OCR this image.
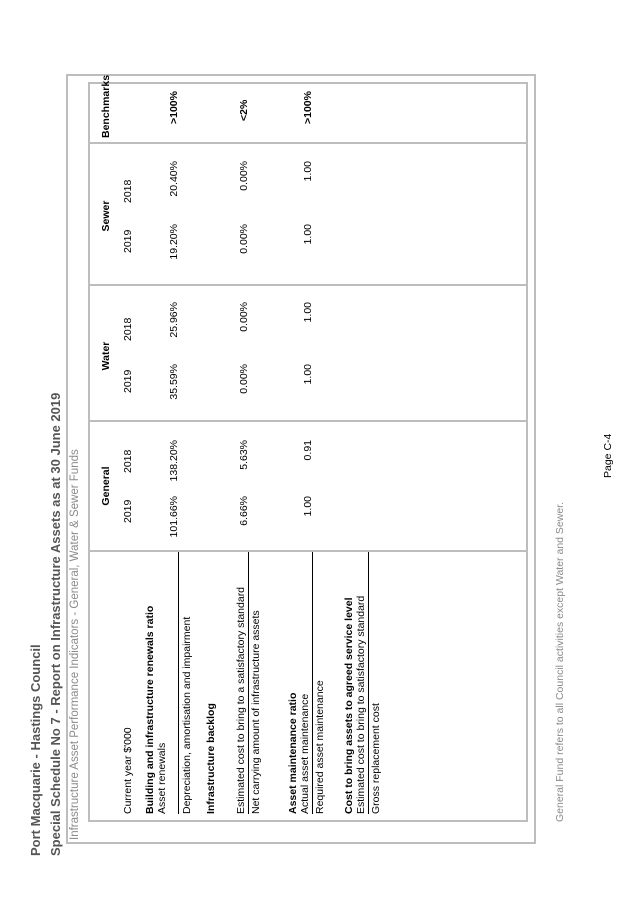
Port Macquarie - Hastings Council Special Schedule No 7 - Report on Infrastructure Assets as at 30 June 2019 Infrastructure Asset Performance Indicators - General, Water & Sewer Funds	Current year $'000
General
2019
2018
Water
2019
2018
Sewer
2019
2018
Benchmarks
Building and infrastructure renewals ratio Asset renewals Depreciation, amortisation and impairment
101.66%
138.20%
35.59%
25.96%
19.20%
20.40%
>100%
Infrastructure backlog Estimated cost to bring to a satisfactory standard Net carrying amount of infrastructure assets
6.66%
5.63%
0.00%
0.00%
0.00%
0.00%
<2%
Asset maintenance ratio Actual asset maintenance Required asset maintenance
1.00
0.91
1.00
1.00
1.00
1.00
>100%
Cost to bring assets to agreed service level Estimated cost to bring to satisfactory standard Gross replacement cost	General Fund refers to all Council activities except Water and Sewer.
Page C-4
